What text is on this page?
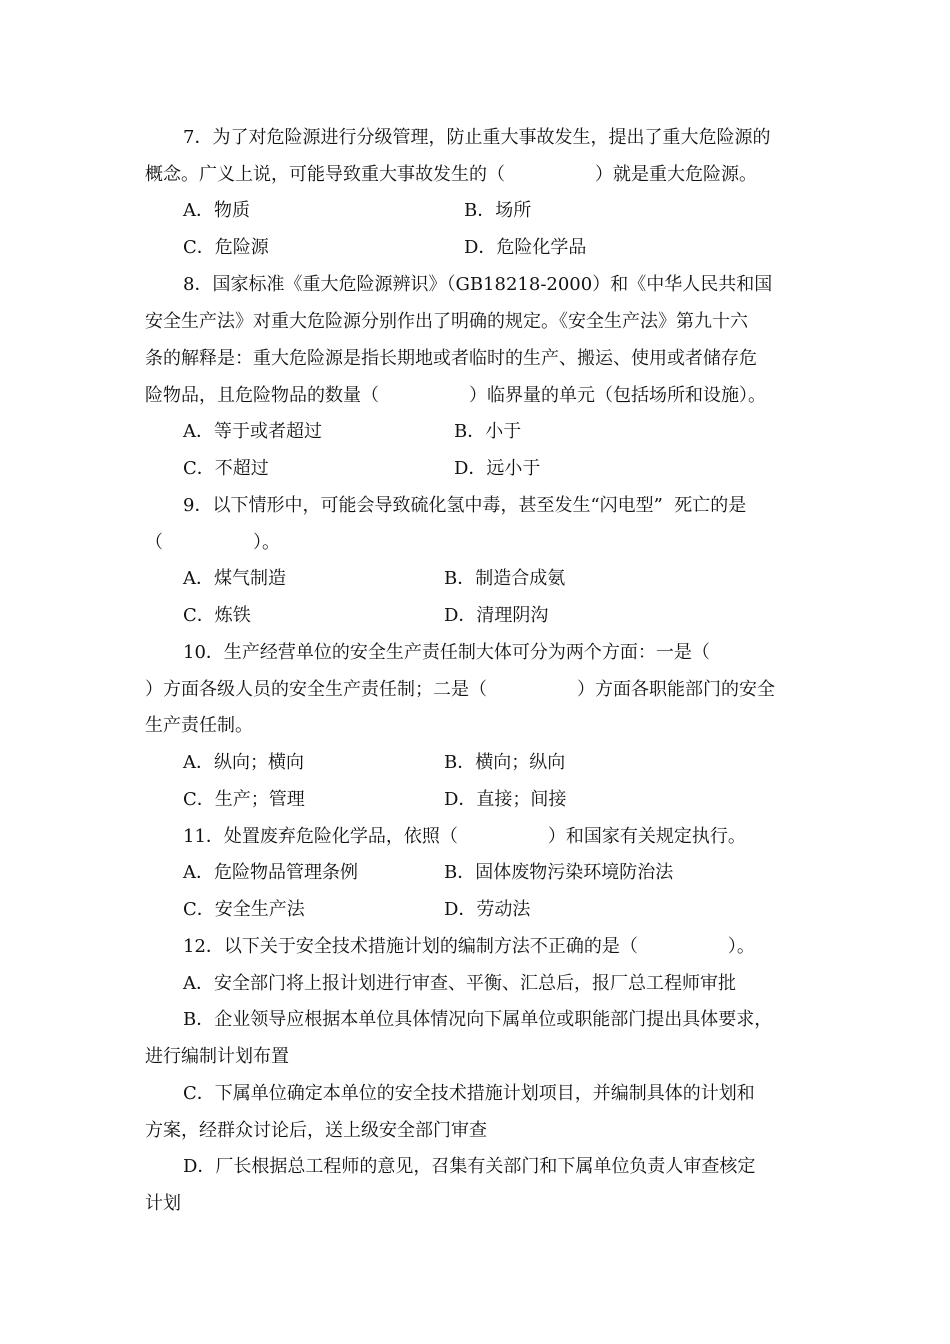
7．为了对危险源进行分级管理，防止重大事故发生，提出了重大危险源的
概念。广义上说，可能导致重大事故发生的（　　　　　）就是重大危险源。
A．物质	B．场所
C．危险源	D．危险化学品
8．国家标准《重大危险源辨识》（GB18218-2000）和《中华人民共和国
安全生产法》对重大危险源分别作出了明确的规定。《安全生产法》第九十六
条的解释是：重大危险源是指长期地或者临时的生产、搬运、使用或者储存危
险物品，且危险物品的数量（　　　　　）临界量的单元（包括场所和设施）。
A．等于或者超过	B．小于
C．不超过	D．远小于
9．以下情形中，可能会导致硫化氢中毒，甚至发生“闪电型”  死亡的是
（　　　　　）。
A．煤气制造	B．制造合成氨
C．炼铁	D．清理阴沟
10．生产经营单位的安全生产责任制大体可分为两个方面：一是（
）方面各级人员的安全生产责任制；二是（　　　　　）方面各职能部门的安全
生产责任制。
A．纵向；横向	B．横向；纵向
C．生产；管理	D．直接；间接
11．处置废弃危险化学品，依照（　　　　　）和国家有关规定执行。
A．危险物品管理条例	B．固体废物污染环境防治法
C．安全生产法	D．劳动法
12．以下关于安全技术措施计划的编制方法不正确的是（　　　　　）。
A．安全部门将上报计划进行审查、平衡、汇总后，报厂总工程师审批
B．企业领导应根据本单位具体情况向下属单位或职能部门提出具体要求，
进行编制计划布置
C．下属单位确定本单位的安全技术措施计划项目，并编制具体的计划和
方案，经群众讨论后，送上级安全部门审查
D．厂长根据总工程师的意见，召集有关部门和下属单位负责人审查核定
计划
